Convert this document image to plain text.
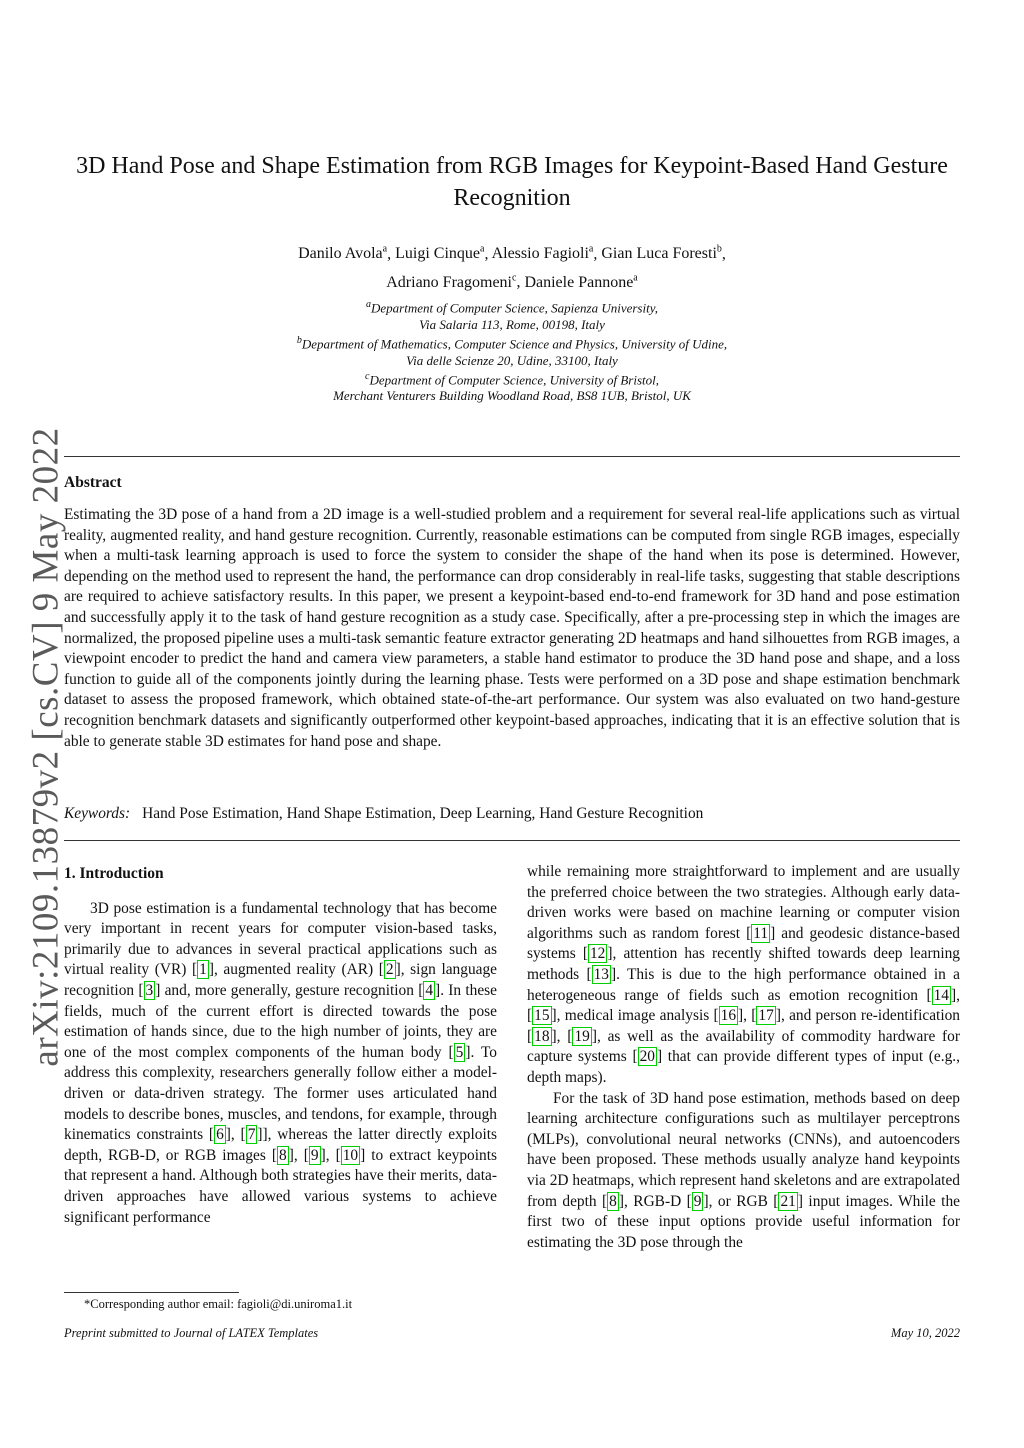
arXiv:2109.13879v2 [cs.CV] 9 May 2022
3D Hand Pose and Shape Estimation from RGB Images for Keypoint-Based Hand Gesture Recognition
Danilo Avola$^a$, Luigi Cinque$^a$, Alessio Fagioli$^a$, Gian Luca Foresti$^b$,
Adriano Fragomeni$^c$, Daniele Pannone$^a$
$^a$Department of Computer Science, Sapienza University,
Via Salaria 113, Rome, 00198, Italy
$^b$Department of Mathematics, Computer Science and Physics, University of Udine,
Via delle Scienze 20, Udine, 33100, Italy
$^c$Department of Computer Science, University of Bristol,
Merchant Venturers Building Woodland Road, BS8 1UB, Bristol, UK
Abstract
Estimating the 3D pose of a hand from a 2D image is a well-studied problem and a requirement for several real-life applications such as virtual reality, augmented reality, and hand gesture recognition. Currently, reasonable estimations can be computed from single RGB images, especially when a multi-task learning approach is used to force the system to consider the shape of the hand when its pose is determined. However, depending on the method used to represent the hand, the performance can drop considerably in real-life tasks, suggesting that stable descriptions are required to achieve satisfactory results. In this paper, we present a keypoint-based end-to-end framework for 3D hand and pose estimation and successfully apply it to the task of hand gesture recognition as a study case. Specifically, after a pre-processing step in which the images are normalized, the proposed pipeline uses a multi-task semantic feature extractor generating 2D heatmaps and hand silhouettes from RGB images, a viewpoint encoder to predict the hand and camera view parameters, a stable hand estimator to produce the 3D hand pose and shape, and a loss function to guide all of the components jointly during the learning phase. Tests were performed on a 3D pose and shape estimation benchmark dataset to assess the proposed framework, which obtained state-of-the-art performance. Our system was also evaluated on two hand-gesture recognition benchmark datasets and significantly outperformed other keypoint-based approaches, indicating that it is an effective solution that is able to generate stable 3D estimates for hand pose and shape.
Keywords: Hand Pose Estimation, Hand Shape Estimation, Deep Learning, Hand Gesture Recognition
1. Introduction

3D pose estimation is a fundamental technology that has become very important in recent years for computer vision-based tasks, primarily due to advances in several practical applications such as virtual reality (VR) [ 1 ], augmented reality (AR) [ 2 ], sign language recognition [ 3 ] and, more generally, gesture recognition [ 4 ]. In these fields, much of the current effort is directed towards the pose estimation of hands since, due to the high number of joints, they are one of the most complex components of the human body [ 5 ]. To address this complexity, researchers generally follow either a model-driven or data-driven strategy. The former uses articulated hand models to describe bones, muscles, and tendons, for example, through kinematics constraints [ 6 ], [ 7 ]], whereas the latter directly exploits depth, RGB-D, or RGB images [ 8 ], [ 9 ], [ 10 ] to extract keypoints that represent a hand. Although both strategies have their merits, data-driven approaches have allowed various systems to achieve significant performance

while remaining more straightforward to implement and are usually the preferred choice between the two strategies. Although early data-driven works were based on machine learning or computer vision algorithms such as random forest [ 11 ] and geodesic distance-based systems [ 12 ], attention has recently shifted towards deep learning methods [ 13 ]. This is due to the high performance obtained in a heterogeneous range of fields such as emotion recognition [ 14 ], [ 15 ], medical image analysis [ 16 ], [ 17 ], and person re-identification [ 18 ], [ 19 ], as well as the availability of commodity hardware for capture systems [ 20 ] that can provide different types of input (e.g., depth maps).

For the task of 3D hand pose estimation, methods based on deep learning architecture configurations such as multilayer perceptrons (MLPs), convolutional neural networks (CNNs), and autoencoders have been proposed. These methods usually analyze hand keypoints via 2D heatmaps, which represent hand skeletons and are extrapolated from depth [ 8 ], RGB-D [ 9 ], or RGB [ 21 ] input images. While the first two of these input options provide useful information for estimating the 3D pose through the

*Corresponding author email: fagioli@di.uniroma1.it
Preprint submitted to Journal of LATEX Templates	May 10, 2022
